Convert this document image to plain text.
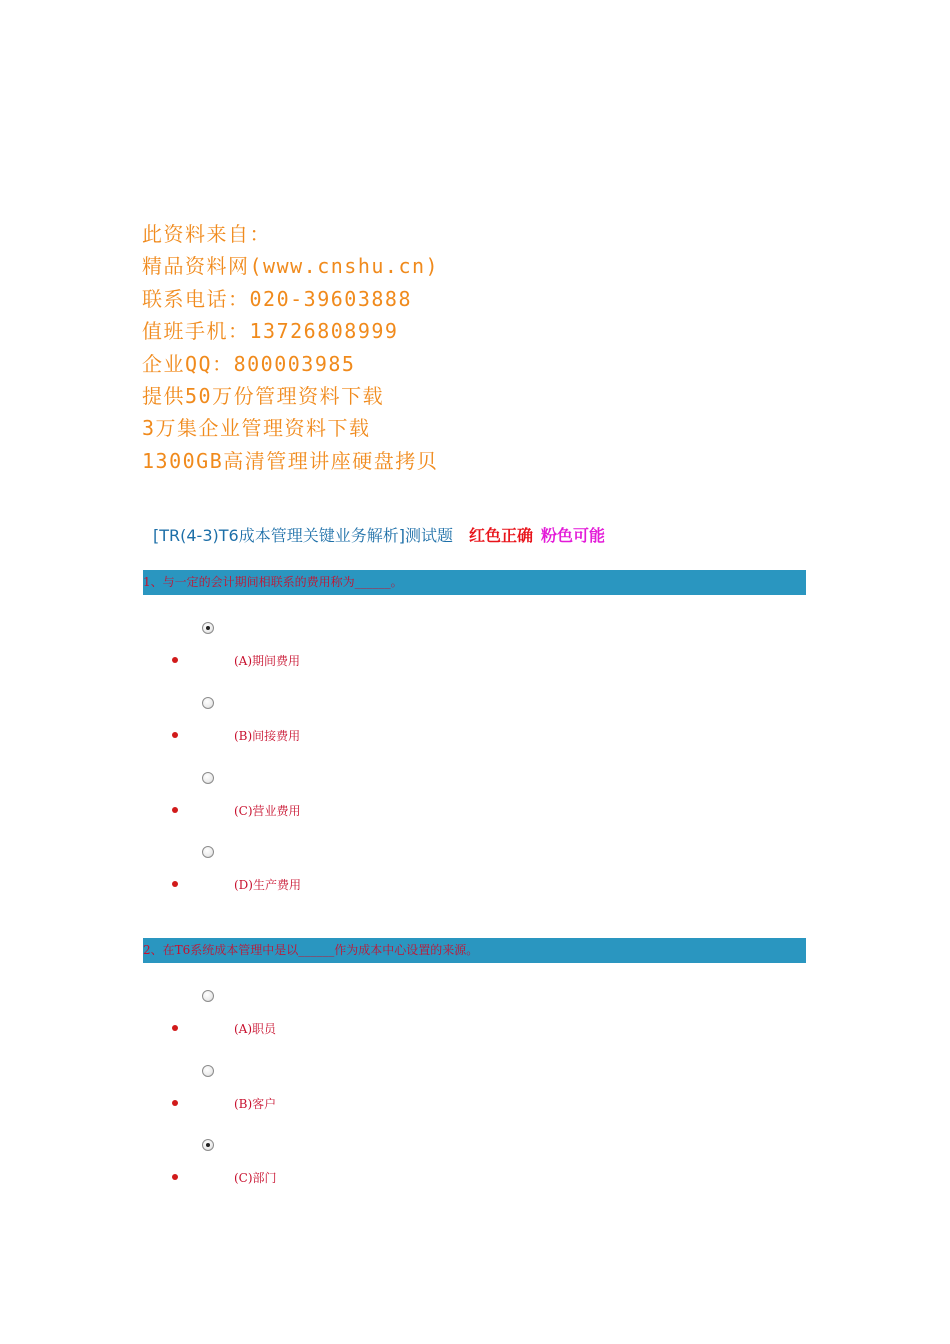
此资料来自：
精品资料网(www.cnshu.cn)
联系电话：020-39603888
值班手机：13726808999
企业QQ：800003985
提供50万份管理资料下载
3万集企业管理资料下载
1300GB高清管理讲座硬盘拷贝
[TR(4-3)T6成本管理关键业务解析]测试题 红色正确 粉色可能
1、与一定的会计期间相联系的费用称为______。
(A)期间费用
(B)间接费用
(C)营业费用
(D)生产费用
2、在T6系统成本管理中是以______作为成本中心设置的来源。
(A)职员
(B)客户
(C)部门
